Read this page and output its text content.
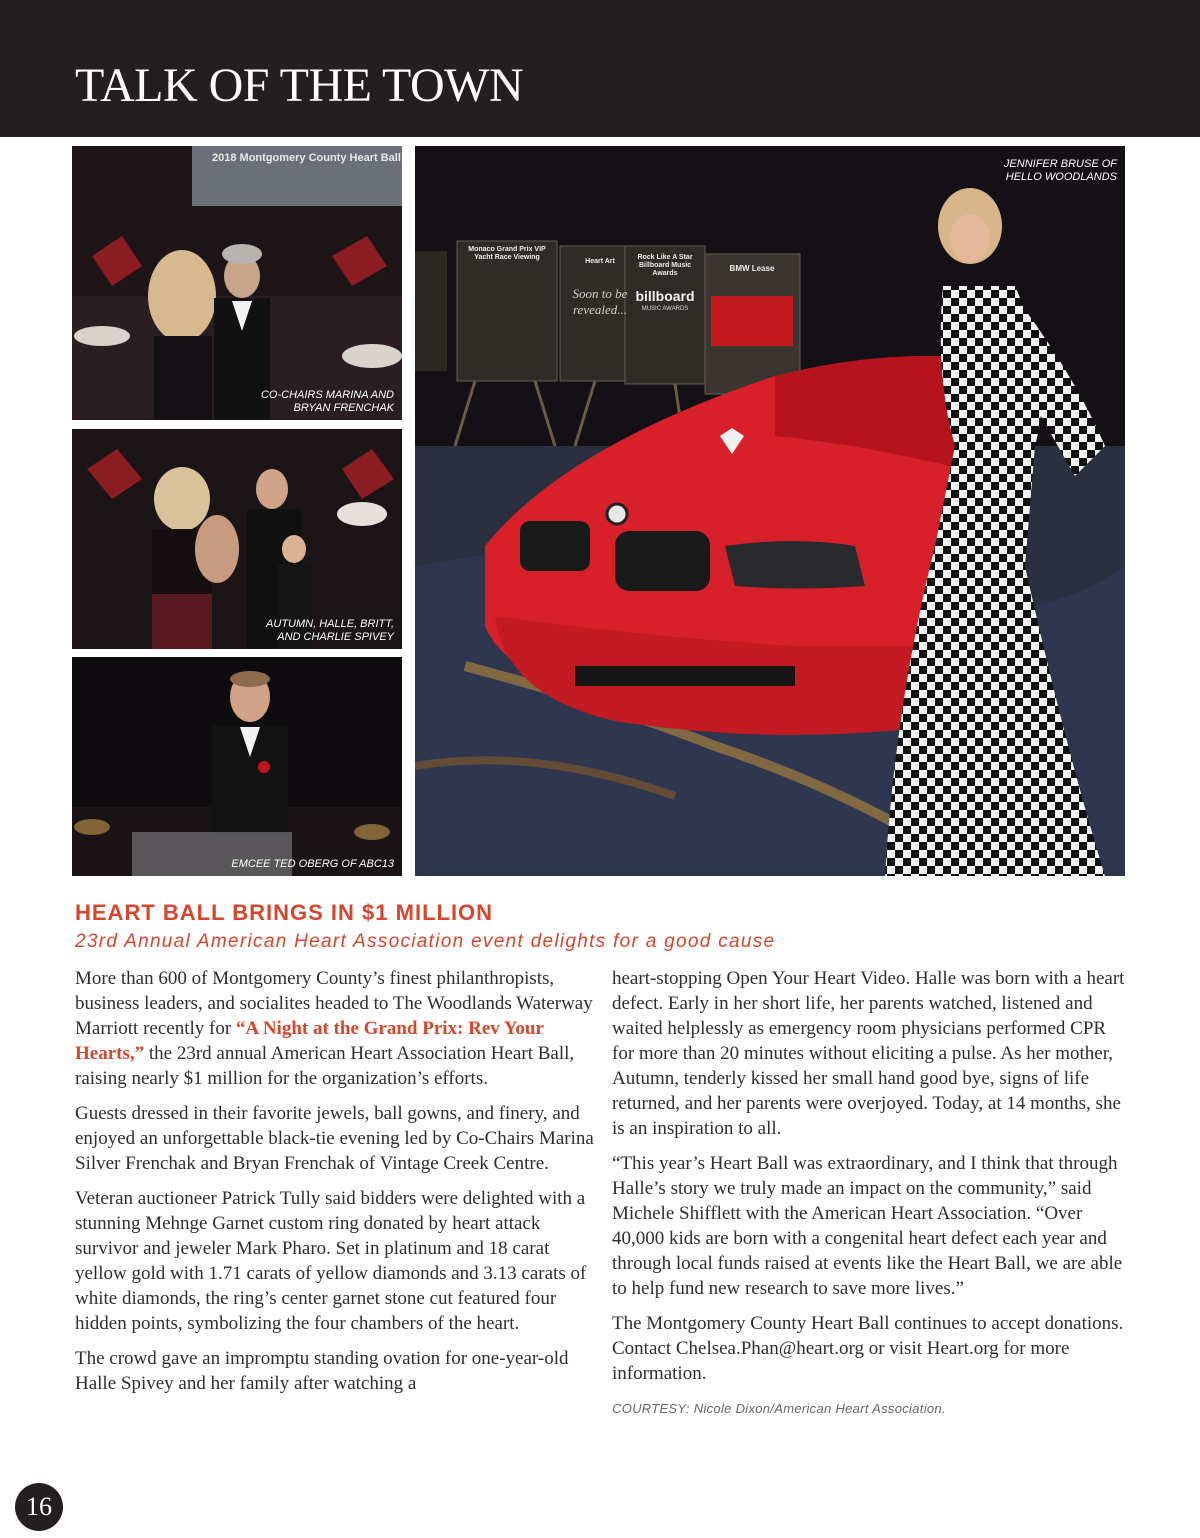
TALK OF THE TOWN
2018 Montgomery County Heart Ball
CO-CHAIRS MARINA AND
BRYAN FRENCHAK
AUTUMN, HALLE, BRITT,
AND CHARLIE SPIVEY
EMCEE TED OBERG OF ABC13
JENNIFER BRUSE OF
HELLO WOODLANDS
Monaco Grand Prix VIP Yacht Race Viewing
Heart Art
Soon to be revealed...
Rock Like A Star Billboard Music Awards
billboard
MUSIC AWARDS
BMW Lease
HEART BALL BRINGS IN $1 MILLION
23rd Annual American Heart Association event delights for a good cause

More than 600 of Montgomery County’s finest philanthropists, business leaders, and socialites headed to The Woodlands Waterway Marriott recently for “A Night at the Grand Prix: Rev Your Hearts,” the 23rd annual American Heart Association Heart Ball, raising nearly $1 million for the organization’s efforts.

Guests dressed in their favorite jewels, ball gowns, and finery, and enjoyed an unforgettable black-tie evening led by Co-Chairs Marina Silver Frenchak and Bryan Frenchak of Vintage Creek Centre.

Veteran auctioneer Patrick Tully said bidders were delighted with a stunning Mehnge Garnet custom ring donated by heart attack survivor and jeweler Mark Pharo. Set in platinum and 18 carat yellow gold with 1.71 carats of yellow diamonds and 3.13 carats of white diamonds, the ring’s center garnet stone cut featured four hidden points, symbolizing the four chambers of the heart.

The crowd gave an impromptu standing ovation for one-year-old Halle Spivey and her family after watching a

heart-stopping Open Your Heart Video. Halle was born with a heart defect. Early in her short life, her parents watched, listened and waited helplessly as emergency room physicians performed CPR for more than 20 minutes without eliciting a pulse. As her mother, Autumn, tenderly kissed her small hand good bye, signs of life returned, and her parents were overjoyed. Today, at 14 months, she is an inspiration to all.

“This year’s Heart Ball was extraordinary, and I think that through Halle’s story we truly made an impact on the community,” said Michele Shifflett with the American Heart Association. “Over 40,000 kids are born with a congenital heart defect each year and through local funds raised at events like the Heart Ball, we are able to help fund new research to save more lives.”

The Montgomery County Heart Ball continues to accept donations. Contact Chelsea.Phan@heart.org or visit Heart.org for more information.

COURTESY: Nicole Dixon/American Heart Association.
16
